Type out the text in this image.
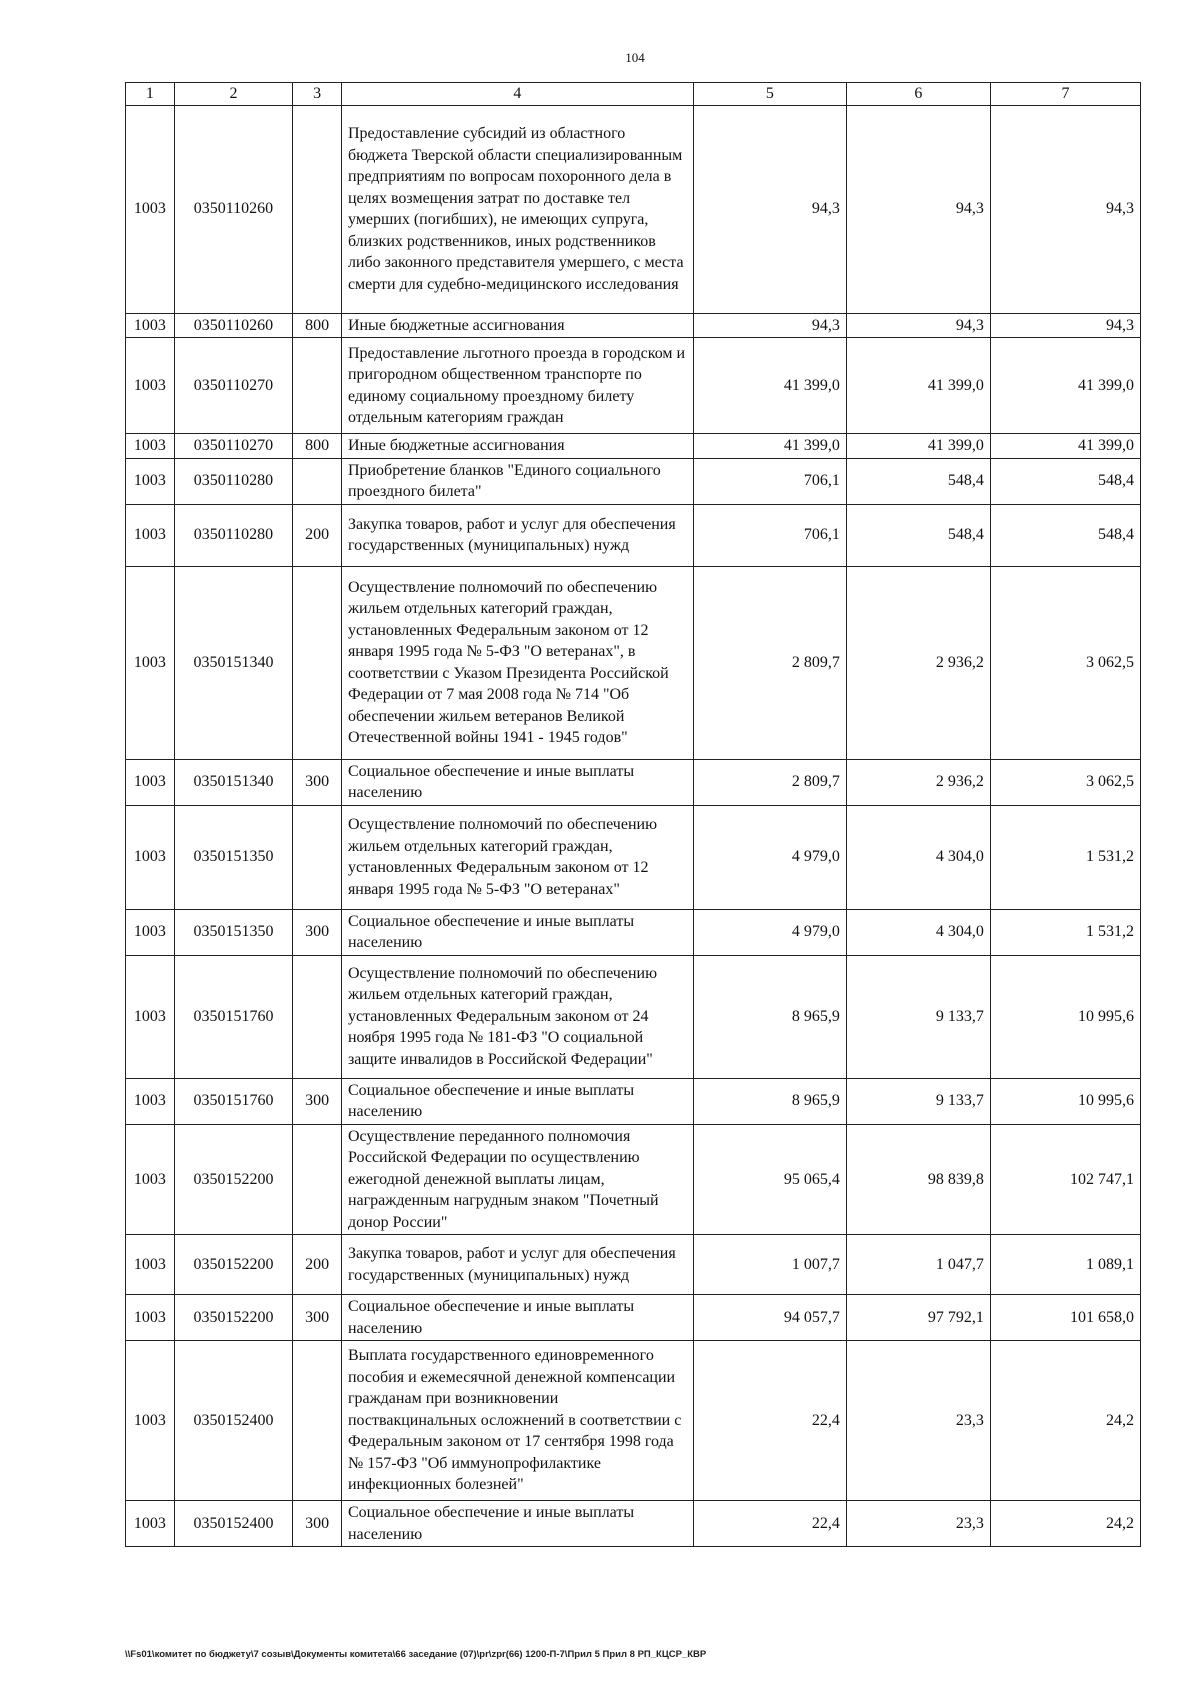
104
1	2	3	4	5	6	7
1003	0350110260		Предоставление субсидий из областного бюджета Тверской области специализированным предприятиям по вопросам похоронного дела в целях возмещения затрат по доставке тел умерших (погибших), не имеющих супруга, близких родственников, иных родственников либо законного представителя умершего, с места смерти для судебно-медицинского исследования	94,3	94,3	94,3
1003	0350110260	800	Иные бюджетные ассигнования	94,3	94,3	94,3
1003	0350110270		Предоставление льготного проезда в городском и пригородном общественном транспорте по единому социальному проездному билету отдельным категориям граждан	41 399,0	41 399,0	41 399,0
1003	0350110270	800	Иные бюджетные ассигнования	41 399,0	41 399,0	41 399,0
1003	0350110280		Приобретение бланков "Единого социального проездного билета"	706,1	548,4	548,4
1003	0350110280	200	Закупка товаров, работ и услуг для обеспечения государственных (муниципальных) нужд	706,1	548,4	548,4
1003	0350151340		Осуществление полномочий по обеспечению жильем отдельных категорий граждан, установленных Федеральным законом от 12 января 1995 года № 5-ФЗ "О ветеранах", в соответствии с Указом Президента Российской Федерации от 7 мая 2008 года № 714 "Об обеспечении жильем ветеранов Великой Отечественной войны 1941 - 1945 годов"	2 809,7	2 936,2	3 062,5
1003	0350151340	300	Социальное обеспечение и иные выплаты населению	2 809,7	2 936,2	3 062,5
1003	0350151350		Осуществление полномочий по обеспечению жильем отдельных категорий граждан, установленных Федеральным законом от 12 января 1995 года № 5-ФЗ "О ветеранах"	4 979,0	4 304,0	1 531,2
1003	0350151350	300	Социальное обеспечение и иные выплаты населению	4 979,0	4 304,0	1 531,2
1003	0350151760		Осуществление полномочий по обеспечению жильем отдельных категорий граждан, установленных Федеральным законом от 24 ноября 1995 года № 181-ФЗ "О социальной защите инвалидов в Российской Федерации"	8 965,9	9 133,7	10 995,6
1003	0350151760	300	Социальное обеспечение и иные выплаты населению	8 965,9	9 133,7	10 995,6
1003	0350152200		Осуществление переданного полномочия Российской Федерации по осуществлению ежегодной денежной выплаты лицам, награжденным нагрудным знаком "Почетный донор России"	95 065,4	98 839,8	102 747,1
1003	0350152200	200	Закупка товаров, работ и услуг для обеспечения государственных (муниципальных) нужд	1 007,7	1 047,7	1 089,1
1003	0350152200	300	Социальное обеспечение и иные выплаты населению	94 057,7	97 792,1	101 658,0
1003	0350152400		Выплата государственного единовременного пособия и ежемесячной денежной компенсации гражданам при возникновении поствакцинальных осложнений в соответствии с Федеральным законом от 17 сентября 1998 года № 157-ФЗ "Об иммунопрофилактике инфекционных болезней"	22,4	23,3	24,2
1003	0350152400	300	Социальное обеспечение и иные выплаты населению	22,4	23,3	24,2
\\Fs01\комитет по бюджету\7 созыв\Документы комитета\66 заседание (07)\pr\zpr(66) 1200-П-7\Прил 5 Прил 8 РП_КЦСР_КВР
